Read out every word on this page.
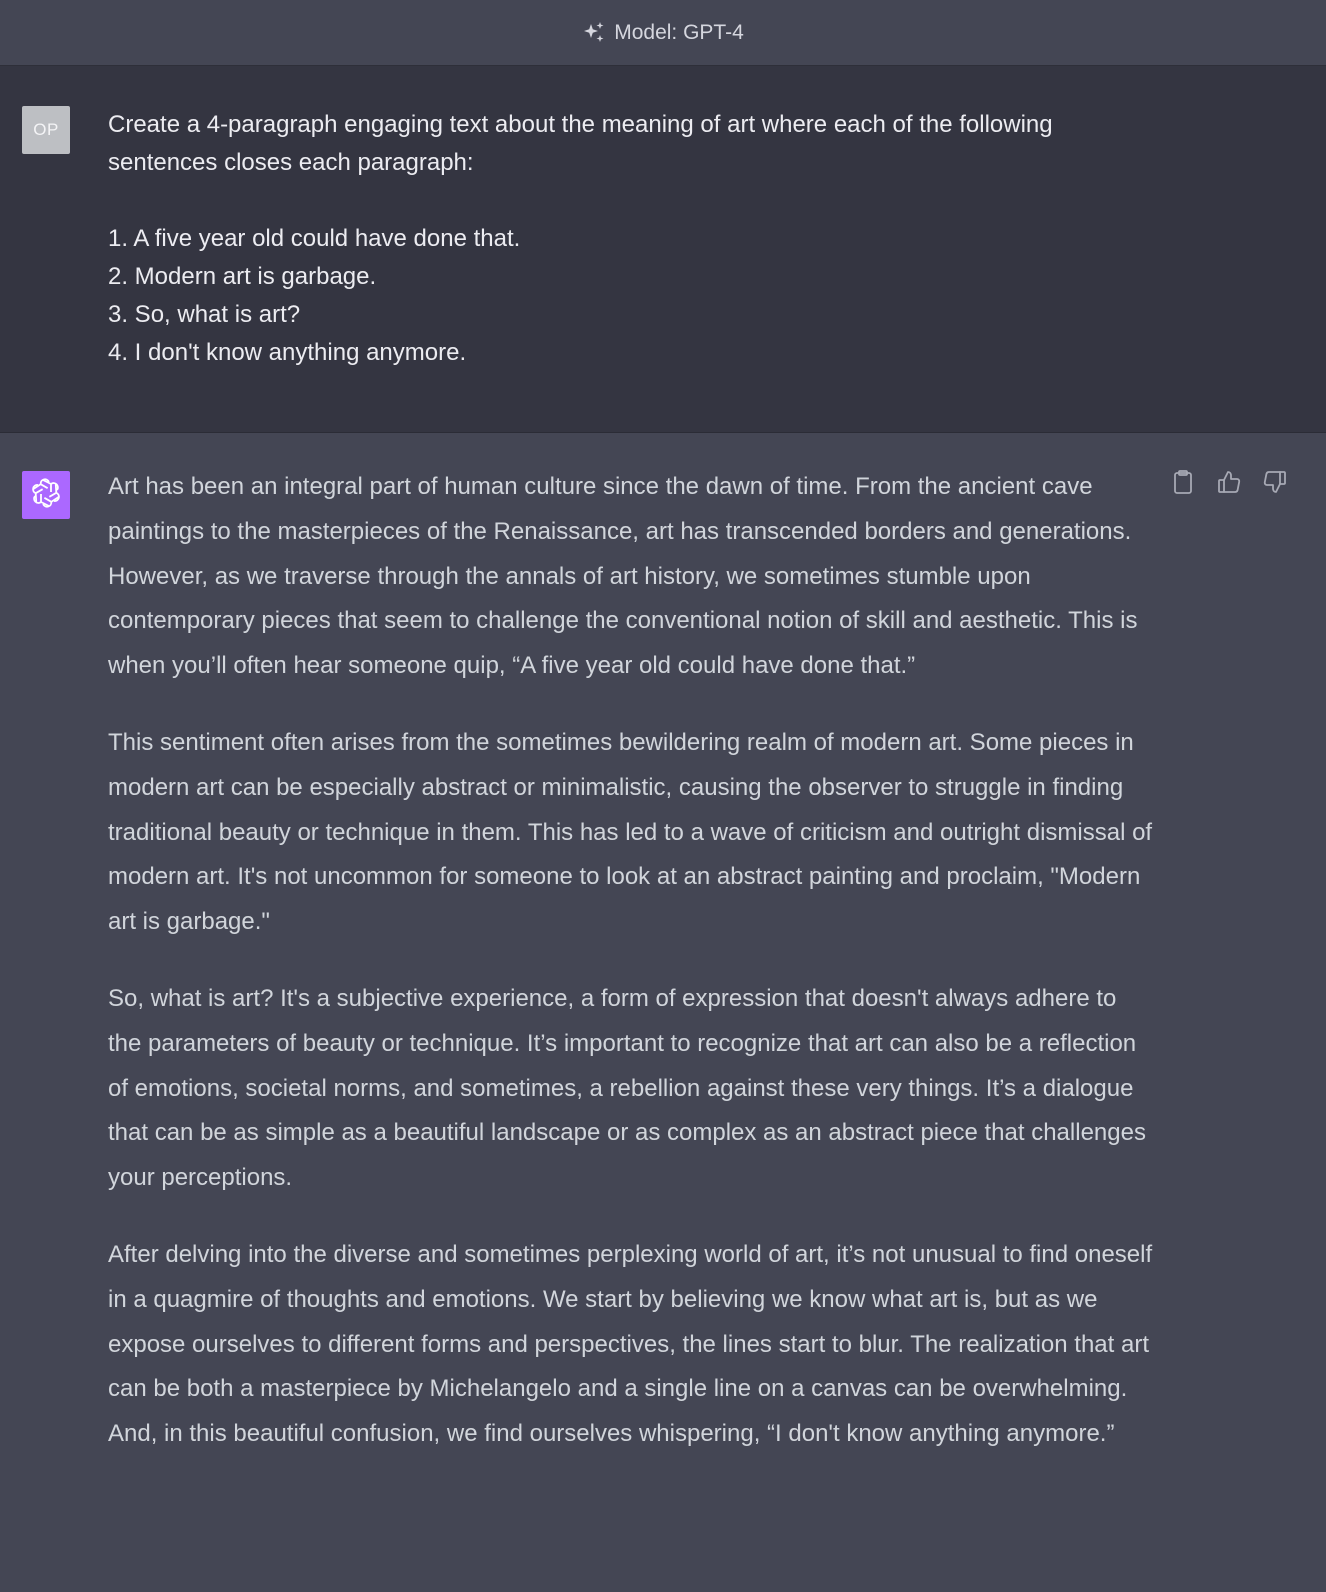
Model: GPT-4
OP Create a 4-paragraph engaging text about the meaning of art where each of the following

sentences closes each paragraph:

1. A five year old could have done that.

2. Modern art is garbage.

3. So, what is art?

4. I don't know anything anymore.

Art has been an integral part of human culture since the dawn of time. From the ancient cave paintings to the masterpieces of the Renaissance, art has transcended borders and generations. However, as we traverse through the annals of art history, we sometimes stumble upon contemporary pieces that seem to challenge the conventional notion of skill and aesthetic. This is when you’ll often hear someone quip, “A five year old could have done that.”

This sentiment often arises from the sometimes bewildering realm of modern art. Some pieces in modern art can be especially abstract or minimalistic, causing the observer to struggle in finding traditional beauty or technique in them. This has led to a wave of criticism and outright dismissal of modern art. It's not uncommon for someone to look at an abstract painting and proclaim, "Modern art is garbage."

So, what is art? It's a subjective experience, a form of expression that doesn't always adhere to the parameters of beauty or technique. It’s important to recognize that art can also be a reflection of emotions, societal norms, and sometimes, a rebellion against these very things. It’s a dialogue that can be as simple as a beautiful landscape or as complex as an abstract piece that challenges your perceptions.

After delving into the diverse and sometimes perplexing world of art, it’s not unusual to find oneself in a quagmire of thoughts and emotions. We start by believing we know what art is, but as we expose ourselves to different forms and perspectives, the lines start to blur. The realization that art can be both a masterpiece by Michelangelo and a single line on a canvas can be overwhelming. And, in this beautiful confusion, we find ourselves whispering, “I don't know anything anymore.”
